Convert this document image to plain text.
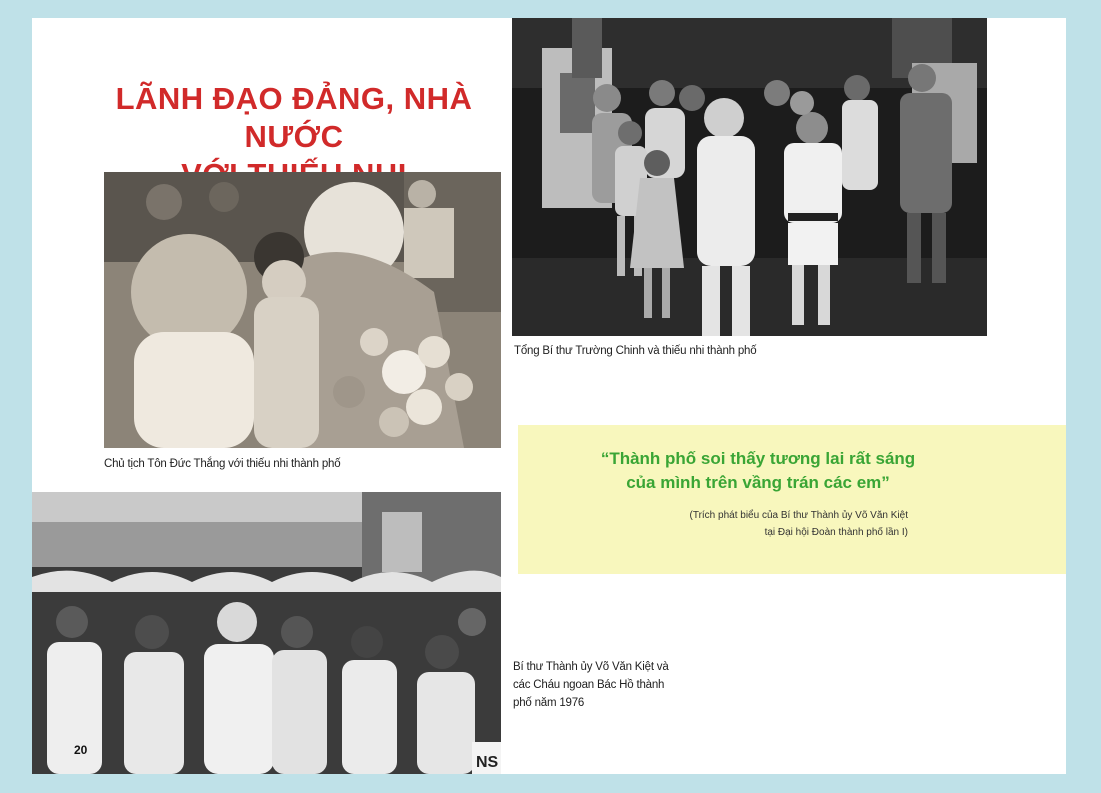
LÃNH ĐẠO ĐẢNG, NHÀ NƯỚC
Tổng Bí thư Trường Chinh và thiếu nhi thành phố
Chủ tịch Tôn Đức Thắng với thiếu nhi thành phố	“Thành phố soi thấy tương lai rất sáng
của mình trên vầng trán các em”
(Trích phát biểu của Bí thư Thành ủy Võ Văn Kiệt
tại Đại hội Đoàn thành phố lần I)
20
NS
Bí thư Thành ủy Võ Văn Kiệt và
các Cháu ngoan Bác Hồ thành
phố năm 1976
